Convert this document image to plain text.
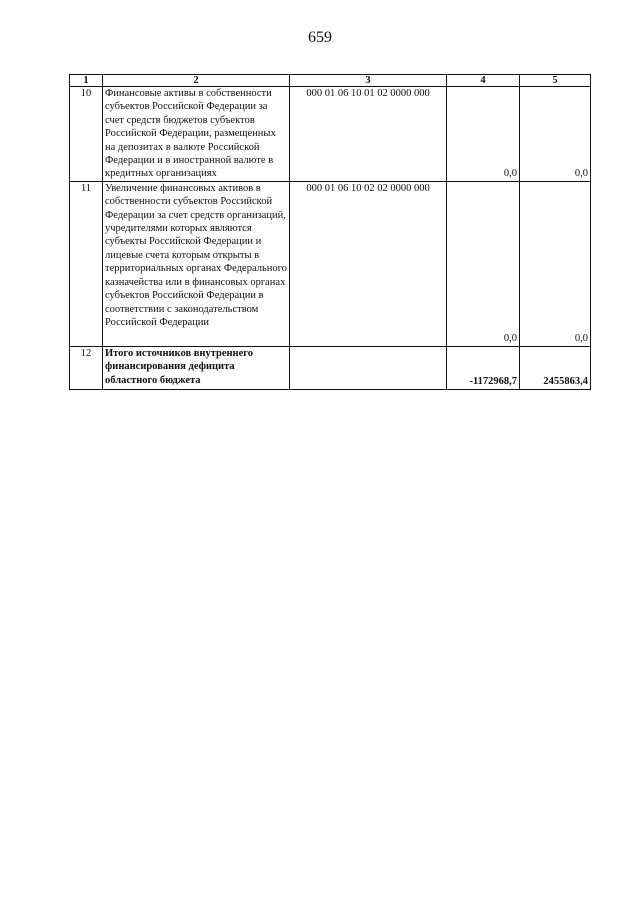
659
1	2	3	4	5
10	Финансовые активы в собственности субъектов Российской Федерации за счет средств бюджетов субъектов Российской Федерации, размещенных на депозитах в валюте Российской Федерации и в иностранной валюте в кредитных организациях	000 01 06 10 01 02 0000 000	0,0	0,0
11	Увеличение финансовых активов в собственности субъектов Российской Федерации за счет средств организаций, учредителями которых являются субъекты Российской Федерации и лицевые счета которым открыты в территориальных органах Федерального казначейства или в финансовых органах субъектов Российской Федерации в соответствии с законодательством Российской Федерации	000 01 06 10 02 02 0000 000	0,0	0,0
12	Итого источников внутреннего финансирования дефицита областного бюджета		-1172968,7	2455863,4
